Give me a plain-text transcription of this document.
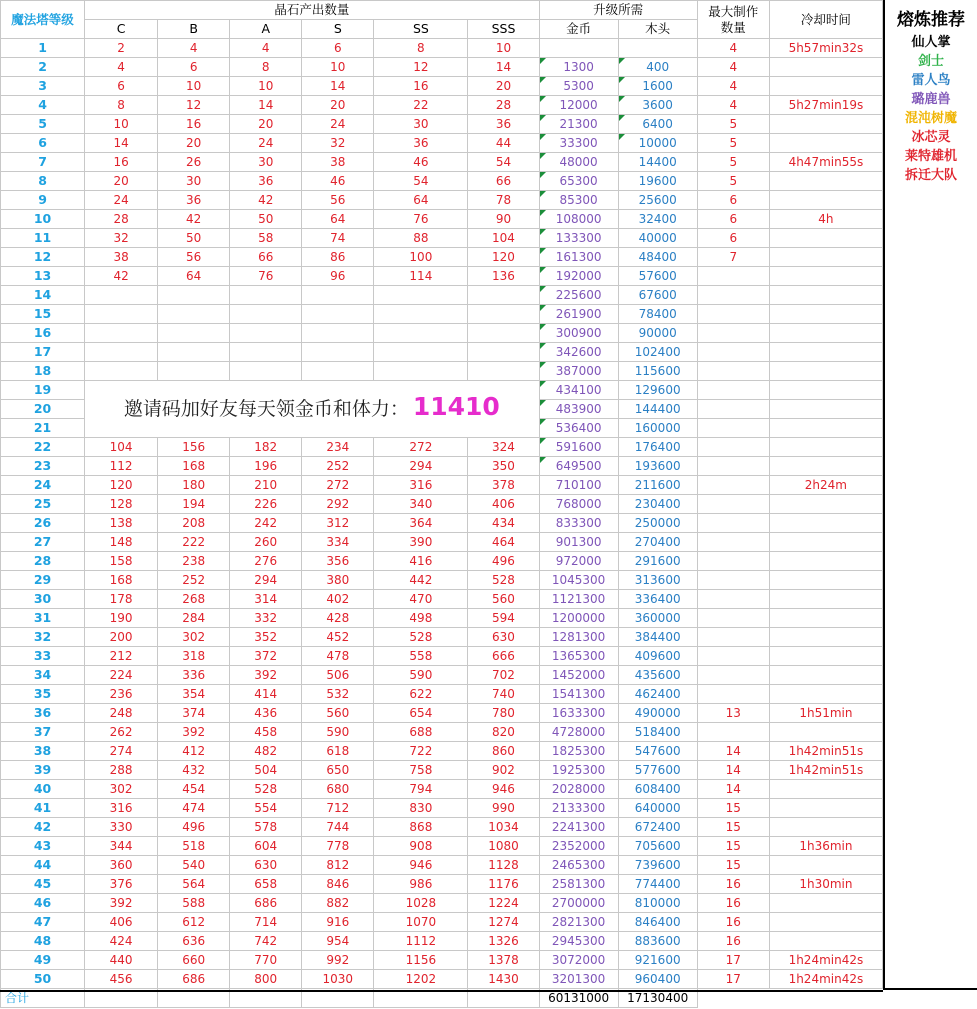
魔法塔等级	晶石产出数量						升级所需		最大制作
数量	冷却时间
	C	B	A	S	SS	SSS	金币	木头		
1	2	4	4	6	8	10			4	5h57min32s
2	4	6	8	10	12	14	1300	400	4	
3	6	10	10	14	16	20	5300	1600	4	
4	8	12	14	20	22	28	12000	3600	4	5h27min19s
5	10	16	20	24	30	36	21300	6400	5	
6	14	20	24	32	36	44	33300	10000	5	
7	16	26	30	38	46	54	48000	14400	5	4h47min55s
8	20	30	36	46	54	66	65300	19600	5	
9	24	36	42	56	64	78	85300	25600	6	
10	28	42	50	64	76	90	108000	32400	6	4h
11	32	50	58	74	88	104	133300	40000	6	
12	38	56	66	86	100	120	161300	48400	7	
13	42	64	76	96	114	136	192000	57600		
14							225600	67600		
15							261900	78400		
16							300900	90000		
17							342600	102400		
18							387000	115600		
19	邀请码加好友每天领金币和体力： 11410						434100	129600		
20							483900	144400		
21							536400	160000		
22	104	156	182	234	272	324	591600	176400		
23	112	168	196	252	294	350	649500	193600		
24	120	180	210	272	316	378	710100	211600		2h24m
25	128	194	226	292	340	406	768000	230400		
26	138	208	242	312	364	434	833300	250000		
27	148	222	260	334	390	464	901300	270400		
28	158	238	276	356	416	496	972000	291600		
29	168	252	294	380	442	528	1045300	313600		
30	178	268	314	402	470	560	1121300	336400		
31	190	284	332	428	498	594	1200000	360000		
32	200	302	352	452	528	630	1281300	384400		
33	212	318	372	478	558	666	1365300	409600		
34	224	336	392	506	590	702	1452000	435600		
35	236	354	414	532	622	740	1541300	462400		
36	248	374	436	560	654	780	1633300	490000	13	1h51min
37	262	392	458	590	688	820	4728000	518400		
38	274	412	482	618	722	860	1825300	547600	14	1h42min51s
39	288	432	504	650	758	902	1925300	577600	14	1h42min51s
40	302	454	528	680	794	946	2028000	608400	14	
41	316	474	554	712	830	990	2133300	640000	15	
42	330	496	578	744	868	1034	2241300	672400	15	
43	344	518	604	778	908	1080	2352000	705600	15	1h36min
44	360	540	630	812	946	1128	2465300	739600	15	
45	376	564	658	846	986	1176	2581300	774400	16	1h30min
46	392	588	686	882	1028	1224	2700000	810000	16	
47	406	612	714	916	1070	1274	2821300	846400	16	
48	424	636	742	954	1112	1326	2945300	883600	16	
49	440	660	770	992	1156	1378	3072000	921600	17	1h24min42s
50	456	686	800	1030	1202	1430	3201300	960400	17	1h24min42s
合计							60131000	17130400		
熔炼推荐
仙人掌
剑士
雷人鸟
璐鹿兽
混沌树魔
冰芯灵
莱特雄机
拆迁大队
